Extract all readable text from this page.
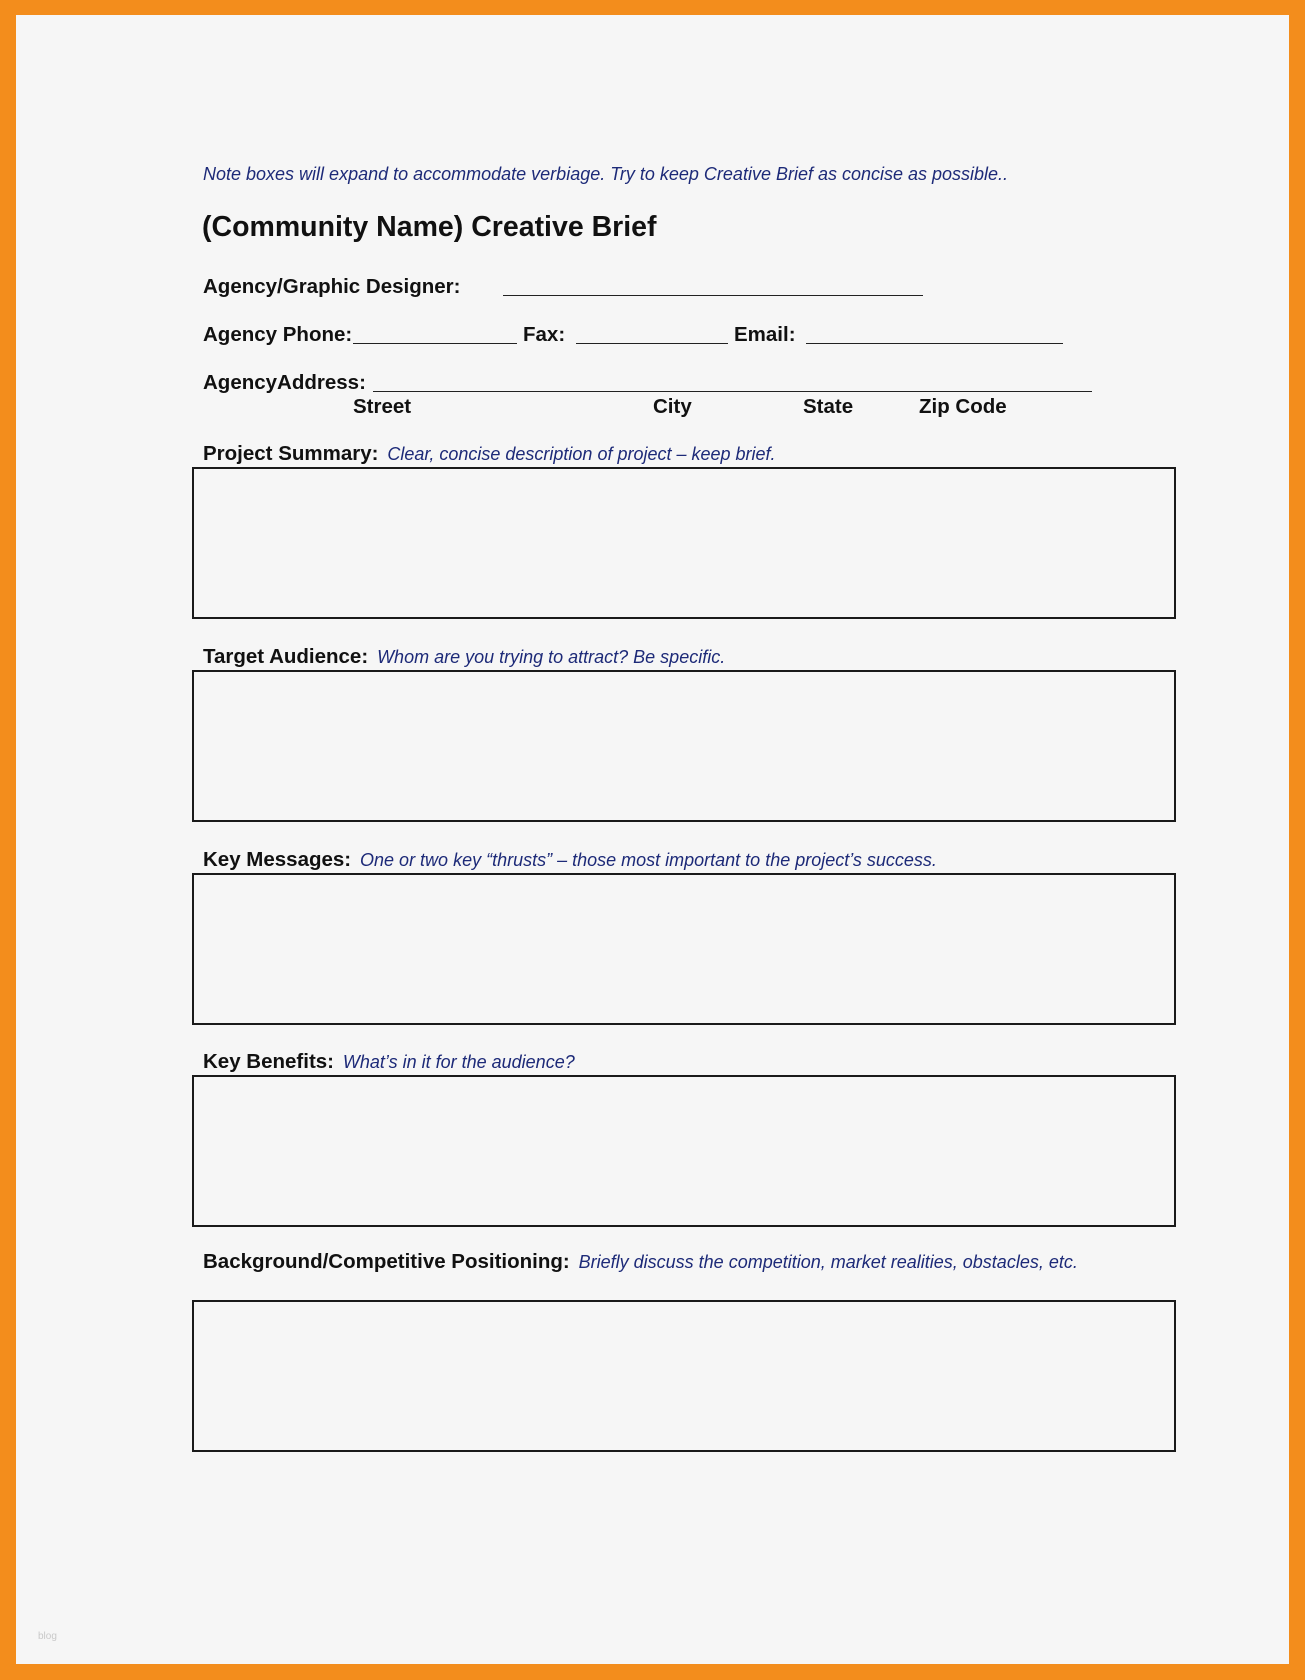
Note boxes will expand to accommodate verbiage. Try to keep Creative Brief as concise as possible..
(Community Name) Creative Brief
Agency/Graphic Designer:
Agency Phone:	Fax:	Email:
AgencyAddress:
Street	City	State	Zip Code
Project Summary: Clear, concise description of project – keep brief.
Target Audience: Whom are you trying to attract? Be specific.
Key Messages: One or two key “thrusts” – those most important to the project’s success.
Key Benefits: What’s in it for the audience?
Background/Competitive Positioning: Briefly discuss the competition, market realities, obstacles, etc.
blog
